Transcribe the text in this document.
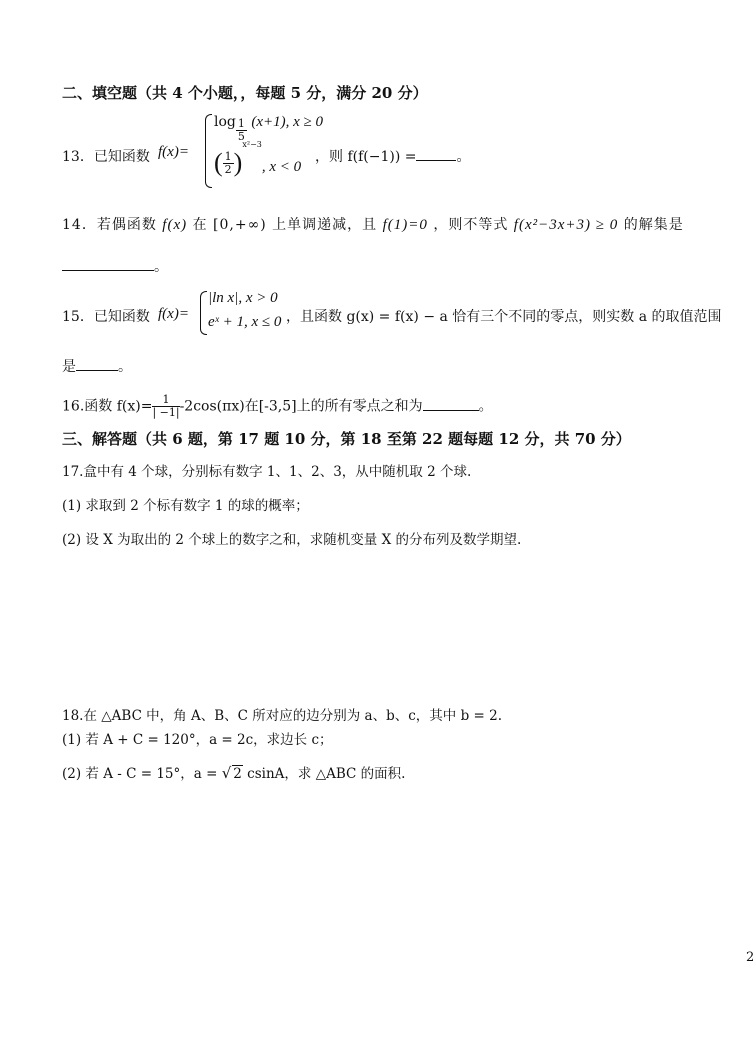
二、填空题（共 4 个小题，，每题 5 分，满分 20 分）
13．已知函数 f(x)=
$\log \frac{1}{5} (x+1)$, x ≥ 0
( $\frac{1}{2} )^{x^2-3}$, x < 0
，则 f(f(−1)) =	。
14．若偶函数 f(x) 在 [0,+∞) 上单调递减，且 f(1)=0 ，则不等式 f(x²−3x+3) ≥ 0 的解集是
。
15．已知函数 f(x)=
|ln x|, x > 0
eˣ + 1, x ≤ 0 ，且函数 g(x) = f(x) − a 恰有三个不同的零点，则实数 a 的取值范围
是	。
16.函数 $f(x)= \frac{1}{| -1|} -2\cos(\pi x)$在[-3,5]上的所有零点之和为	。
三、解答题（共 6 题，第 17 题 10 分，第 18 至第 22 题每题 12 分，共 70 分）
17.盒中有 4 个球，分别标有数字 1、1、2、3，从中随机取 2 个球.
(1) 求取到 2 个标有数字 1 的球的概率；
(2) 设 X 为取出的 2 个球上的数字之和，求随机变量 X 的分布列及数学期望.
18.在 △ABC 中，角 A、B、C 所对应的边分别为 a、b、c，其中 b = 2.
(1) 若 A + C = 120°，a = 2c，求边长 c；
(2) 若 A - C = 15°，a = √ 2 csinA，求 △ABC 的面积.
2
